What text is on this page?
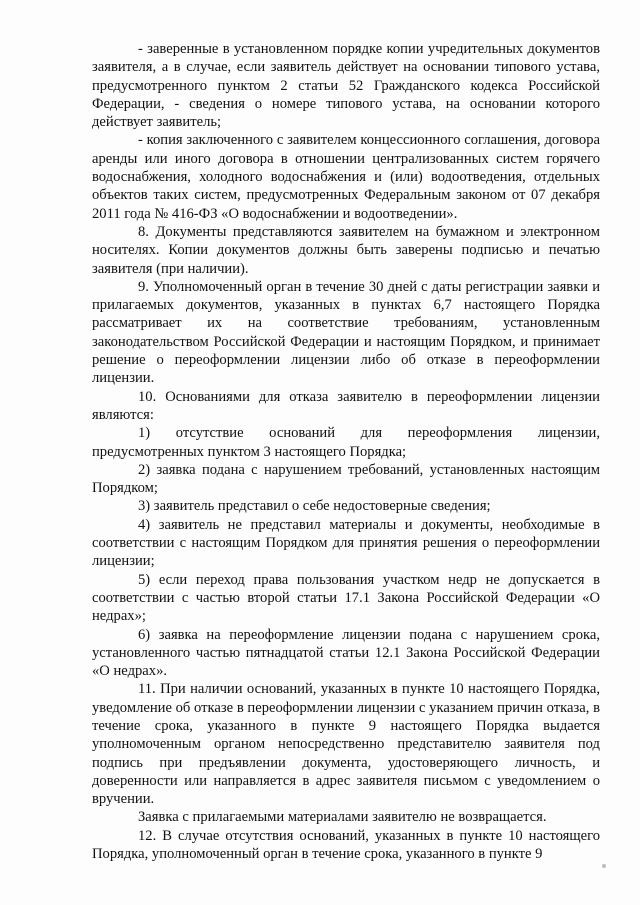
- заверенные в установленном порядке копии учредительных документов заявителя, а в случае, если заявитель действует на основании типового устава, предусмотренного пунктом 2 статьи 52 Гражданского кодекса Российской Федерации, - сведения о номере типового устава, на основании которого действует заявитель;

- копия заключенного с заявителем концессионного соглашения, договора аренды или иного договора в отношении централизованных систем горячего водоснабжения, холодного водоснабжения и (или) водоотведения, отдельных объектов таких систем, предусмотренных Федеральным законом от 07 декабря 2011 года № 416-ФЗ «О водоснабжении и водоотведении».

8. Документы представляются заявителем на бумажном и электронном носителях. Копии документов должны быть заверены подписью и печатью заявителя (при наличии).

9. Уполномоченный орган в течение 30 дней с даты регистрации заявки и прилагаемых документов, указанных в пунктах 6,7 настоящего Порядка рассматривает их на соответствие требованиям, установленным законодательством Российской Федерации и настоящим Порядком, и принимает решение о переоформлении лицензии либо об отказе в переоформлении лицензии.

10. Основаниями для отказа заявителю в переоформлении лицензии являются:

1) отсутствие оснований для переоформления лицензии, предусмотренных пунктом 3 настоящего Порядка;

2) заявка подана с нарушением требований, установленных настоящим Порядком;

3) заявитель представил о себе недостоверные сведения;

4) заявитель не представил материалы и документы, необходимые в соответствии с настоящим Порядком для принятия решения о переоформлении лицензии;

5) если переход права пользования участком недр не допускается в соответствии с частью второй статьи 17.1 Закона Российской Федерации «О недрах»;

6) заявка на переоформление лицензии подана с нарушением срока, установленного частью пятнадцатой статьи 12.1 Закона Российской Федерации «О недрах».

11. При наличии оснований, указанных в пункте 10 настоящего Порядка, уведомление об отказе в переоформлении лицензии с указанием причин отказа, в течение срока, указанного в пункте 9 настоящего Порядка выдается уполномоченным органом непосредственно представителю заявителя под подпись при предъявлении документа, удостоверяющего личность, и доверенности или направляется в адрес заявителя письмом с уведомлением о вручении.

Заявка с прилагаемыми материалами заявителю не возвращается.

12. В случае отсутствия оснований, указанных в пункте 10 настоящего Порядка, уполномоченный орган в течение срока, указанного в пункте 9
